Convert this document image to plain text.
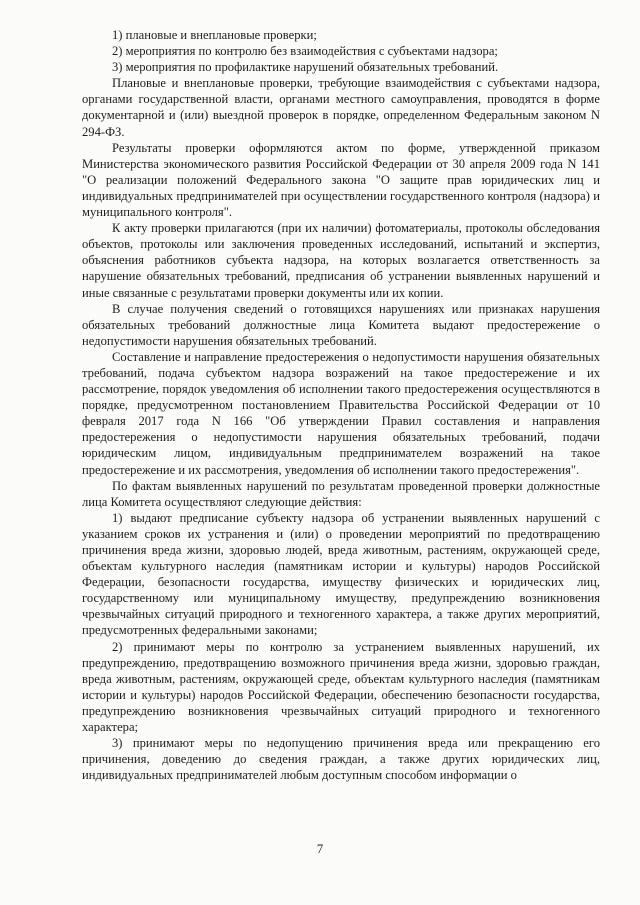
1) плановые и внеплановые проверки;

2) мероприятия по контролю без взаимодействия с субъектами надзора;

3) мероприятия по профилактике нарушений обязательных требований.

Плановые и внеплановые проверки, требующие взаимодействия с субъектами надзора, органами государственной власти, органами местного самоуправления, проводятся в форме документарной и (или) выездной проверок в порядке, определенном Федеральным законом N 294-ФЗ.

Результаты проверки оформляются актом по форме, утвержденной приказом Министерства экономического развития Российской Федерации от 30 апреля 2009 года N 141 "О реализации положений Федерального закона "О защите прав юридических лиц и индивидуальных предпринимателей при осуществлении государственного контроля (надзора) и муниципального контроля".

К акту проверки прилагаются (при их наличии) фотоматериалы, протоколы обследования объектов, протоколы или заключения проведенных исследований, испытаний и экспертиз, объяснения работников субъекта надзора, на которых возлагается ответственность за нарушение обязательных требований, предписания об устранении выявленных нарушений и иные связанные с результатами проверки документы или их копии.

В случае получения сведений о готовящихся нарушениях или признаках нарушения обязательных требований должностные лица Комитета выдают предостережение о недопустимости нарушения обязательных требований.

Составление и направление предостережения о недопустимости нарушения обязательных требований, подача субъектом надзора возражений на такое предостережение и их рассмотрение, порядок уведомления об исполнении такого предостережения осуществляются в порядке, предусмотренном постановлением Правительства Российской Федерации от 10 февраля 2017 года N 166 "Об утверждении Правил составления и направления предостережения о недопустимости нарушения обязательных требований, подачи юридическим лицом, индивидуальным предпринимателем возражений на такое предостережение и их рассмотрения, уведомления об исполнении такого предостережения".

По фактам выявленных нарушений по результатам проведенной проверки должностные лица Комитета осуществляют следующие действия:

1) выдают предписание субъекту надзора об устранении выявленных нарушений с указанием сроков их устранения и (или) о проведении мероприятий по предотвращению причинения вреда жизни, здоровью людей, вреда животным, растениям, окружающей среде, объектам культурного наследия (памятникам истории и культуры) народов Российской Федерации, безопасности государства, имуществу физических и юридических лиц, государственному или муниципальному имуществу, предупреждению возникновения чрезвычайных ситуаций природного и техногенного характера, а также других мероприятий, предусмотренных федеральными законами;

2) принимают меры по контролю за устранением выявленных нарушений, их предупреждению, предотвращению возможного причинения вреда жизни, здоровью граждан, вреда животным, растениям, окружающей среде, объектам культурного наследия (памятникам истории и культуры) народов Российской Федерации, обеспечению безопасности государства, предупреждению возникновения чрезвычайных ситуаций природного и техногенного характера;

3) принимают меры по недопущению причинения вреда или прекращению его причинения, доведению до сведения граждан, а также других юридических лиц, индивидуальных предпринимателей любым доступным способом информации о

7
